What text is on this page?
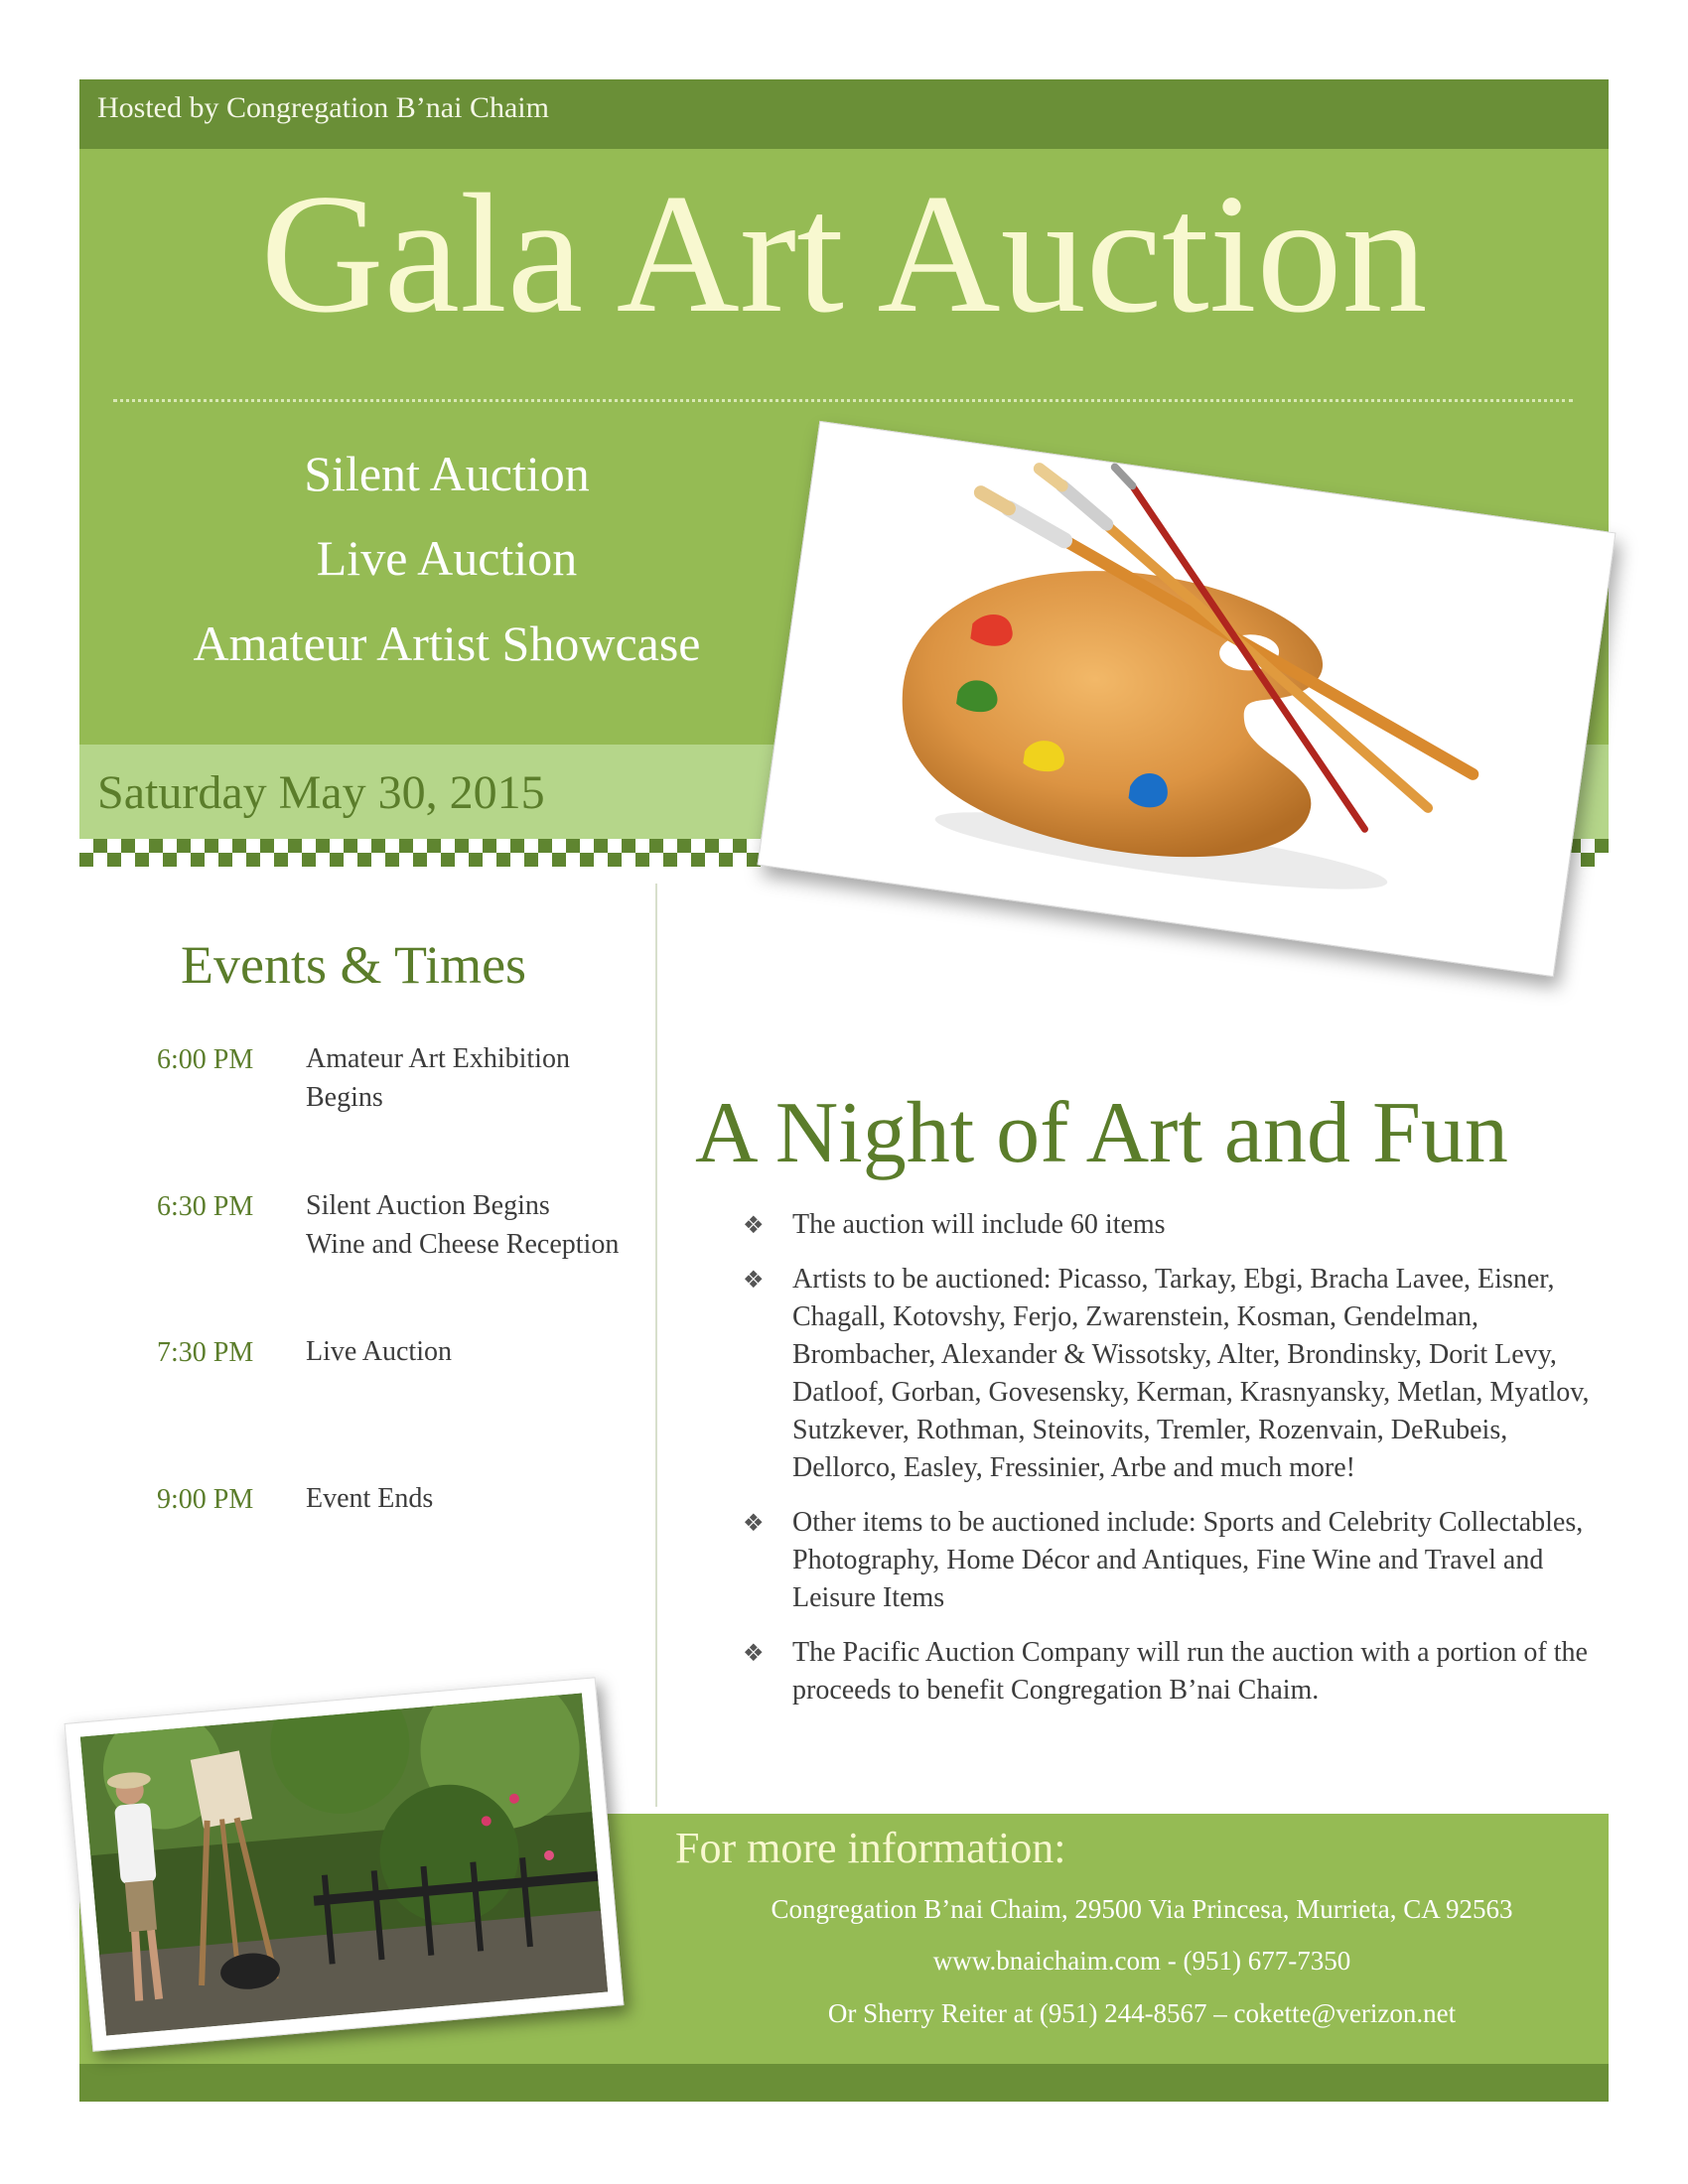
Hosted by Congregation B’nai Chaim
Gala Art Auction
Silent Auction
Live Auction
Amateur Artist Showcase
Saturday May 30, 2015
Events & Times
6:00 PM Amateur Art Exhibition Begins
6:30 PM Silent Auction Begins
Wine and Cheese Reception
7:30 PM Live Auction
9:00 PM Event Ends
A Night of Art and Fun
❖ The auction will include 60 items
❖ Artists to be auctioned: Picasso, Tarkay, Ebgi, Bracha Lavee, Eisner, Chagall, Kotovshy, Ferjo, Zwarenstein, Kosman, Gendelman, Brombacher, Alexander & Wissotsky, Alter, Brondinsky, Dorit Levy, Datloof, Gorban, Govesensky, Kerman, Krasnyansky, Metlan, Myatlov, Sutzkever, Rothman, Steinovits, Tremler, Rozenvain, DeRubeis, Dellorco, Easley, Fressinier, Arbe and much more!
❖ Other items to be auctioned include: Sports and Celebrity Collectables, Photography, Home Décor and Antiques, Fine Wine and Travel and Leisure Items
❖ The Pacific Auction Company will run the auction with a portion of the proceeds to benefit Congregation B’nai Chaim.
For more information:
Congregation B’nai Chaim, 29500 Via Princesa, Murrieta, CA 92563
www.bnaichaim.com - (951) 677-7350
Or Sherry Reiter at (951) 244-8567 – cokette@verizon.net
